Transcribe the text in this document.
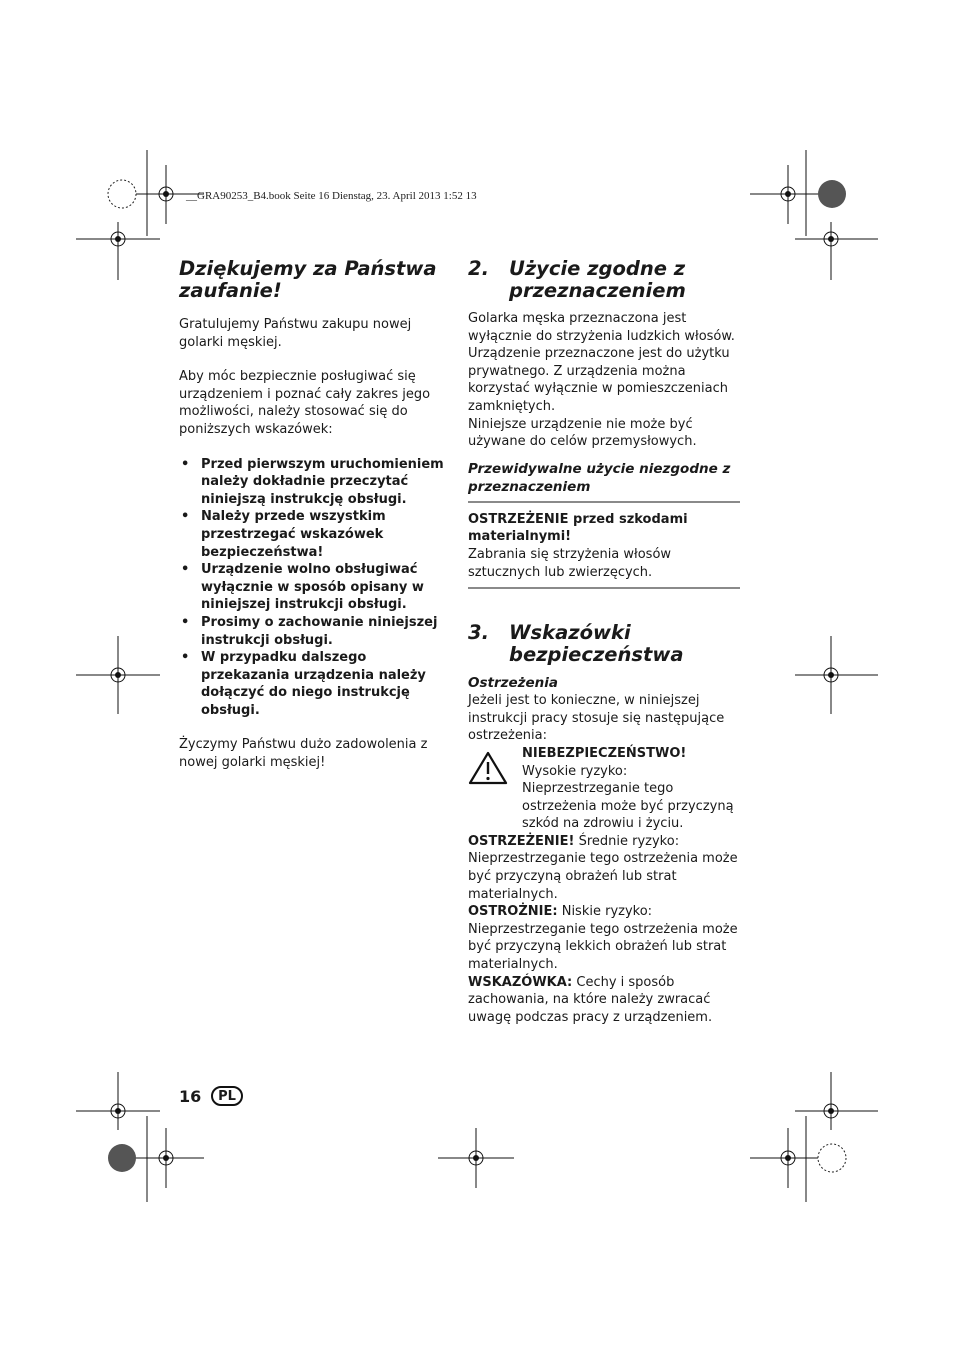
__GRA90253_B4.book Seite 16 Dienstag, 23. April 2013 1:52 13
Dziękujemy za Państwa zaufanie!

Gratulujemy Państwu zakupu nowej golarki męskiej.

Aby móc bezpiecznie posługiwać się urządzeniem i poznać cały zakres jego możliwości, należy stosować się do poniższych wskazówek:

• Przed pierwszym uruchomieniem należy dokładnie przeczytać niniejszą instrukcję obsługi.
• Należy przede wszystkim przestrzegać wskazówek bezpieczeństwa!
• Urządzenie wolno obsługiwać wyłącznie w sposób opisany w niniejszej instrukcji obsługi.
• Prosimy o zachowanie niniejszej instrukcji obsługi.
• W przypadku dalszego przekazania urządzenia należy dołączyć do niego instrukcję obsługi.

Życzymy Państwu dużo zadowolenia z nowej golarki męskiej!

2.	Użycie zgodne z przeznaczeniem

Golarka męska przeznaczona jest wyłącznie do strzyżenia ludzkich włosów. Urządzenie przeznaczone jest do użytku prywatnego. Z urządzenia można korzystać wyłącznie w pomieszczeniach zamkniętych.

Niniejsze urządzenie nie może być używane do celów przemysłowych.

Przewidywalne użycie niezgodne z przeznaczeniem

OSTRZEŻENIE przed szkodami materialnymi!

Zabrania się strzyżenia włosów sztucznych lub zwierzęcych.

3.	Wskazówki bezpieczeństwa

Ostrzeżenia

Jeżeli jest to konieczne, w niniejszej instrukcji pracy stosuje się następujące ostrzeżenia:

NIEBEZPIECZEŃSTWO! Wysokie ryzyko: Nieprzestrzeganie tego ostrzeżenia może być przyczyną szkód na zdrowiu i życiu.

OSTRZEŻENIE! Średnie ryzyko: Nieprzestrzeganie tego ostrzeżenia może być przyczyną obrażeń lub strat materialnych.

OSTROŻNIE: Niskie ryzyko: Nieprzestrzeganie tego ostrzeżenia może być przyczyną lekkich obrażeń lub strat materialnych.

WSKAZÓWKA: Cechy i sposób zachowania, na które należy zwracać uwagę podczas pracy z urządzeniem.

16	PL
